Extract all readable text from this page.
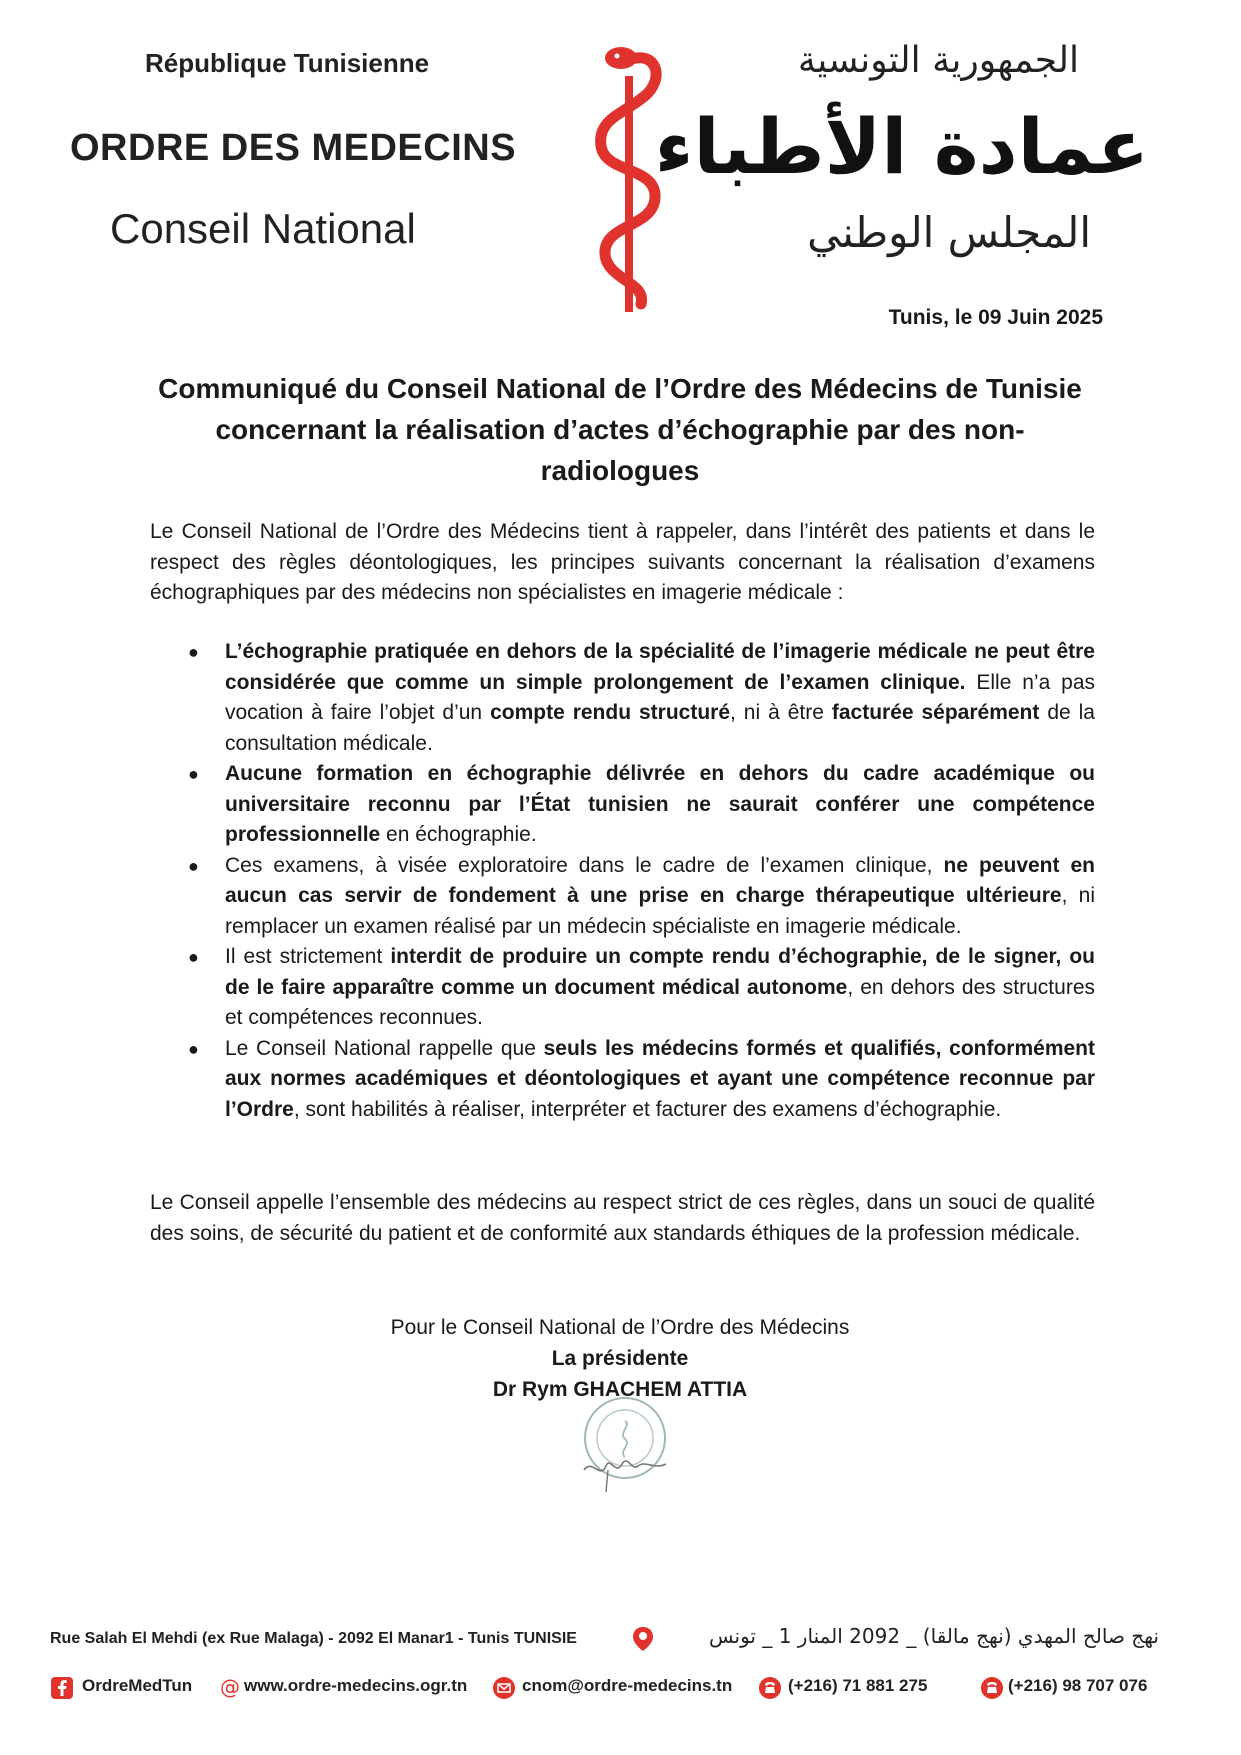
République Tunisienne
ORDRE DES MEDECINS
Conseil National
الجمهورية التونسية
عمادة الأطباء
المجلس الوطني
Tunis, le 09 Juin 2025
Communiqué du Conseil National de l’Ordre des Médecins de Tunisie concernant la réalisation d’actes d’échographie par des non-radiologues
Le Conseil National de l’Ordre des Médecins tient à rappeler, dans l’intérêt des patients et dans le respect des règles déontologiques, les principes suivants concernant la réalisation d’examens échographiques par des médecins non spécialistes en imagerie médicale :
● L’échographie pratiquée en dehors de la spécialité de l’imagerie médicale ne peut être considérée que comme un simple prolongement de l’examen clinique. Elle n’a pas vocation à faire l’objet d’un compte rendu structuré, ni à être facturée séparément de la consultation médicale.
● Aucune formation en échographie délivrée en dehors du cadre académique ou universitaire reconnu par l’État tunisien ne saurait conférer une compétence professionnelle en échographie.
● Ces examens, à visée exploratoire dans le cadre de l’examen clinique, ne peuvent en aucun cas servir de fondement à une prise en charge thérapeutique ultérieure, ni remplacer un examen réalisé par un médecin spécialiste en imagerie médicale.
● Il est strictement interdit de produire un compte rendu d’échographie, de le signer, ou de le faire apparaître comme un document médical autonome, en dehors des structures et compétences reconnues.
● Le Conseil National rappelle que seuls les médecins formés et qualifiés, conformément aux normes académiques et déontologiques et ayant une compétence reconnue par l’Ordre, sont habilités à réaliser, interpréter et facturer des examens d’échographie.
Le Conseil appelle l’ensemble des médecins au respect strict de ces règles, dans un souci de qualité des soins, de sécurité du patient et de conformité aux standards éthiques de la profession médicale.
Pour le Conseil National de l’Ordre des Médecins
La présidente
Dr Rym GHACHEM ATTIA
Rue Salah El Mehdi (ex Rue Malaga) - 2092 El Manar1 - Tunis TUNISIE	نهج صالح المهدي (نهج مالقا) _ 2092 المنار 1 _ تونس
OrdreMedTun @ www.ordre-medecins.ogr.tn	cnom@ordre-medecins.tn	(+216) 71 881 275	(+216) 98 707 076
